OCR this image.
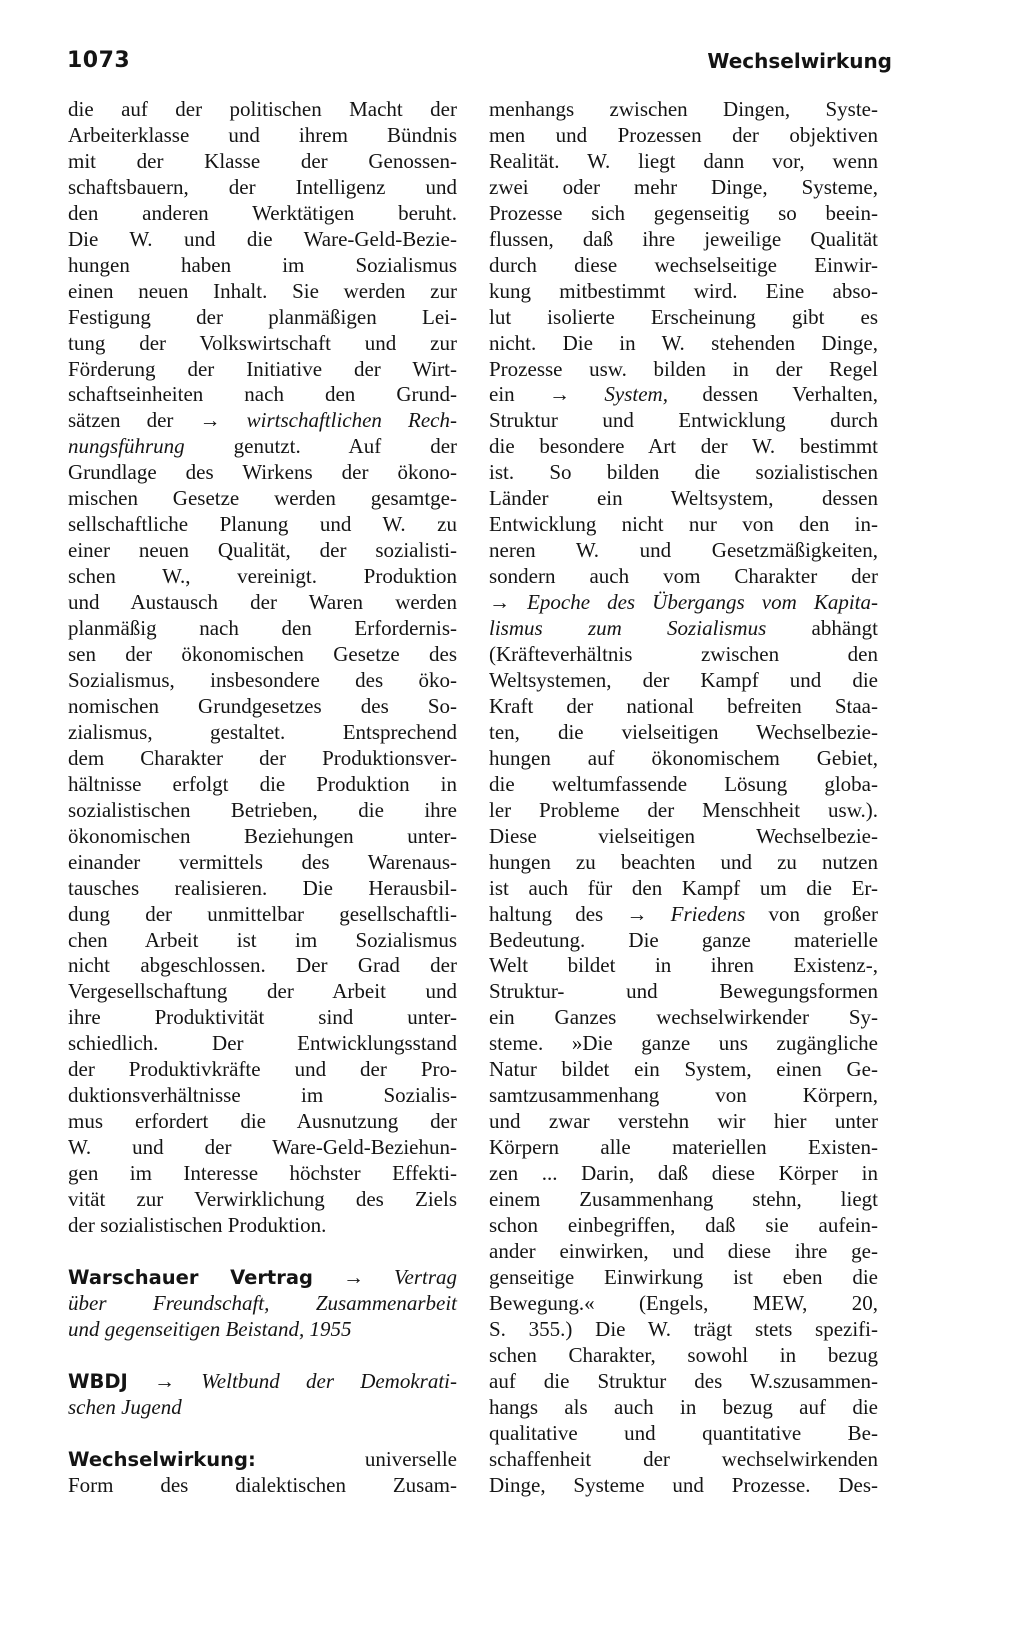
1073	Wechselwirkung

die auf der politischen Macht der
Arbeiterklasse und ihrem Bündnis
mit der Klasse der Genossen-
schaftsbauern, der Intelligenz und
den anderen Werktätigen beruht.
Die W. und die Ware-Geld-Bezie-
hungen haben im Sozialismus
einen neuen Inhalt. Sie werden zur
Festigung der planmäßigen Lei-
tung der Volkswirtschaft und zur
Förderung der Initiative der Wirt-
schaftseinheiten nach den Grund-
sätzen der → wirtschaftlichen Rech-
nungsführung genutzt. Auf der
Grundlage des Wirkens der ökono-
mischen Gesetze werden gesamtge-
sellschaftliche Planung und W. zu
einer neuen Qualität, der sozialisti-
schen W., vereinigt. Produktion
und Austausch der Waren werden
planmäßig nach den Erfordernis-
sen der ökonomischen Gesetze des
Sozialismus, insbesondere des öko-
nomischen Grundgesetzes des So-
zialismus, gestaltet. Entsprechend
dem Charakter der Produktionsver-
hältnisse erfolgt die Produktion in
sozialistischen Betrieben, die ihre
ökonomischen Beziehungen unter-
einander vermittels des Warenaus-
tausches realisieren. Die Herausbil-
dung der unmittelbar gesellschaftli-
chen Arbeit ist im Sozialismus
nicht abgeschlossen. Der Grad der
Vergesellschaftung der Arbeit und
ihre Produktivität sind unter-
schiedlich. Der Entwicklungsstand
der Produktivkräfte und der Pro-
duktionsverhältnisse im Sozialis-
mus erfordert die Ausnutzung der
W. und der Ware-Geld-Beziehun-
gen im Interesse höchster Effekti-
vität zur Verwirklichung des Ziels
der sozialistischen Produktion.

Warschauer Vertrag → Vertrag
über Freundschaft, Zusammenarbeit
und gegenseitigen Beistand, 1955

WBDJ → Weltbund der Demokrati-
schen Jugend

Wechselwirkung:	universelle
Form des dialektischen Zusam-

menhangs zwischen Dingen, Syste-
men und Prozessen der objektiven
Realität. W. liegt dann vor, wenn
zwei oder mehr Dinge, Systeme,
Prozesse sich gegenseitig so beein-
flussen, daß ihre jeweilige Qualität
durch diese wechselseitige Einwir-
kung mitbestimmt wird. Eine abso-
lut isolierte Erscheinung gibt es
nicht. Die in W. stehenden Dinge,
Prozesse usw. bilden in der Regel
ein → System, dessen Verhalten,
Struktur und Entwicklung durch
die besondere Art der W. bestimmt
ist. So bilden die sozialistischen
Länder ein Weltsystem, dessen
Entwicklung nicht nur von den in-
neren W. und Gesetzmäßigkeiten,
sondern auch vom Charakter der
→ Epoche des Übergangs vom Kapita-
lismus zum Sozialismus abhängt
(Kräfteverhältnis zwischen den
Weltsystemen, der Kampf und die
Kraft der national befreiten Staa-
ten, die vielseitigen Wechselbezie-
hungen auf ökonomischem Gebiet,
die weltumfassende Lösung globa-
ler Probleme der Menschheit usw.).
Diese vielseitigen Wechselbezie-
hungen zu beachten und zu nutzen
ist auch für den Kampf um die Er-
haltung des → Friedens von großer
Bedeutung. Die ganze materielle
Welt bildet in ihren Existenz-,
Struktur- und Bewegungsformen
ein Ganzes wechselwirkender Sy-
steme. »Die ganze uns zugängliche
Natur bildet ein System, einen Ge-
samtzusammenhang von Körpern,
und zwar verstehn wir hier unter
Körpern alle materiellen Existen-
zen ... Darin, daß diese Körper in
einem Zusammenhang stehn, liegt
schon einbegriffen, daß sie aufein-
ander einwirken, und diese ihre ge-
genseitige Einwirkung ist eben die
Bewegung.« (Engels, MEW, 20,
S. 355.) Die W. trägt stets spezifi-
schen Charakter, sowohl in bezug
auf die Struktur des W.szusammen-
hangs als auch in bezug auf die
qualitative und quantitative Be-
schaffenheit der wechselwirkenden
Dinge, Systeme und Prozesse. Des-
